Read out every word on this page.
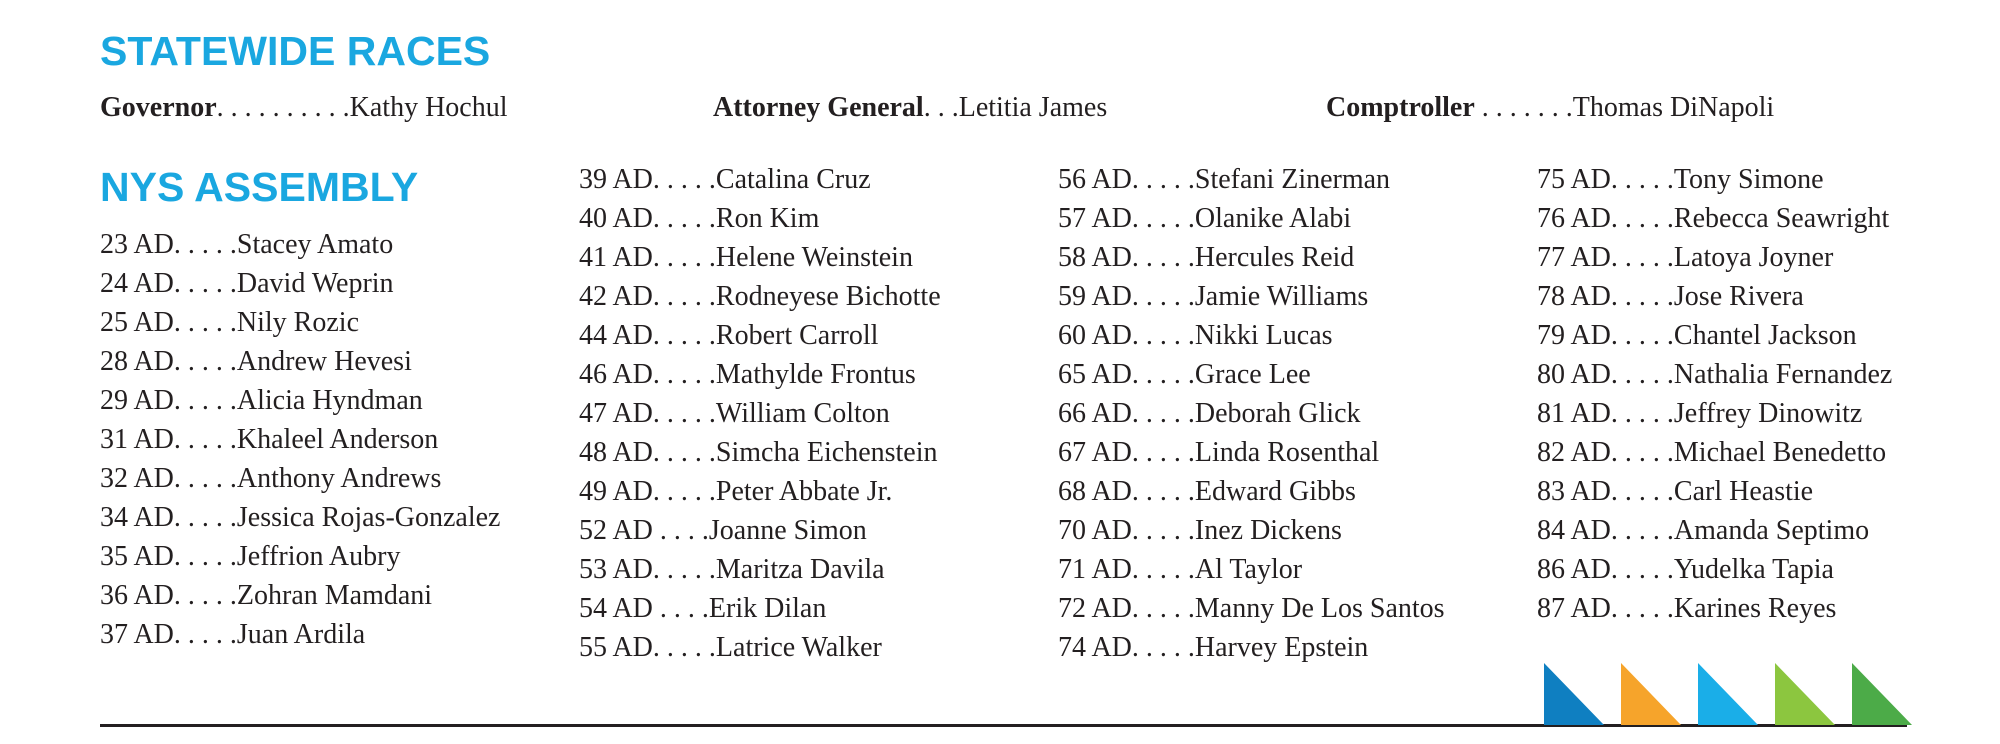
STATEWIDE RACES
Governor. . . . . . . . . .Kathy Hochul	Attorney General. . .Letitia James	Comptroller . . . . . . .Thomas DiNapoli
NYS ASSEMBLY
23 AD. . . . .Stacey Amato
24 AD. . . . .David Weprin
25 AD. . . . .Nily Rozic
28 AD. . . . .Andrew Hevesi
29 AD. . . . .Alicia Hyndman
31 AD. . . . .Khaleel Anderson
32 AD. . . . .Anthony Andrews
34 AD. . . . .Jessica Rojas-Gonzalez
35 AD. . . . .Jeffrion Aubry
36 AD. . . . .Zohran Mamdani
37 AD. . . . .Juan Ardila
39 AD. . . . .Catalina Cruz
40 AD. . . . .Ron Kim
41 AD. . . . .Helene Weinstein
42 AD. . . . .Rodneyese Bichotte
44 AD. . . . .Robert Carroll
46 AD. . . . .Mathylde Frontus
47 AD. . . . .William Colton
48 AD. . . . .Simcha Eichenstein
49 AD. . . . .Peter Abbate Jr.
52 AD . . . .Joanne Simon
53 AD. . . . .Maritza Davila
54 AD . . . .Erik Dilan
55 AD. . . . .Latrice Walker
56 AD. . . . .Stefani Zinerman
57 AD. . . . .Olanike Alabi
58 AD. . . . .Hercules Reid
59 AD. . . . .Jamie Williams
60 AD. . . . .Nikki Lucas
65 AD. . . . .Grace Lee
66 AD. . . . .Deborah Glick
67 AD. . . . .Linda Rosenthal
68 AD. . . . .Edward Gibbs
70 AD. . . . .Inez Dickens
71 AD. . . . .Al Taylor
72 AD. . . . .Manny De Los Santos
74 AD. . . . .Harvey Epstein
75 AD. . . . .Tony Simone
76 AD. . . . .Rebecca Seawright
77 AD. . . . .Latoya Joyner
78 AD. . . . .Jose Rivera
79 AD. . . . .Chantel Jackson
80 AD. . . . .Nathalia Fernandez
81 AD. . . . .Jeffrey Dinowitz
82 AD. . . . .Michael Benedetto
83 AD. . . . .Carl Heastie
84 AD. . . . .Amanda Septimo
86 AD. . . . .Yudelka Tapia
87 AD. . . . .Karines Reyes
